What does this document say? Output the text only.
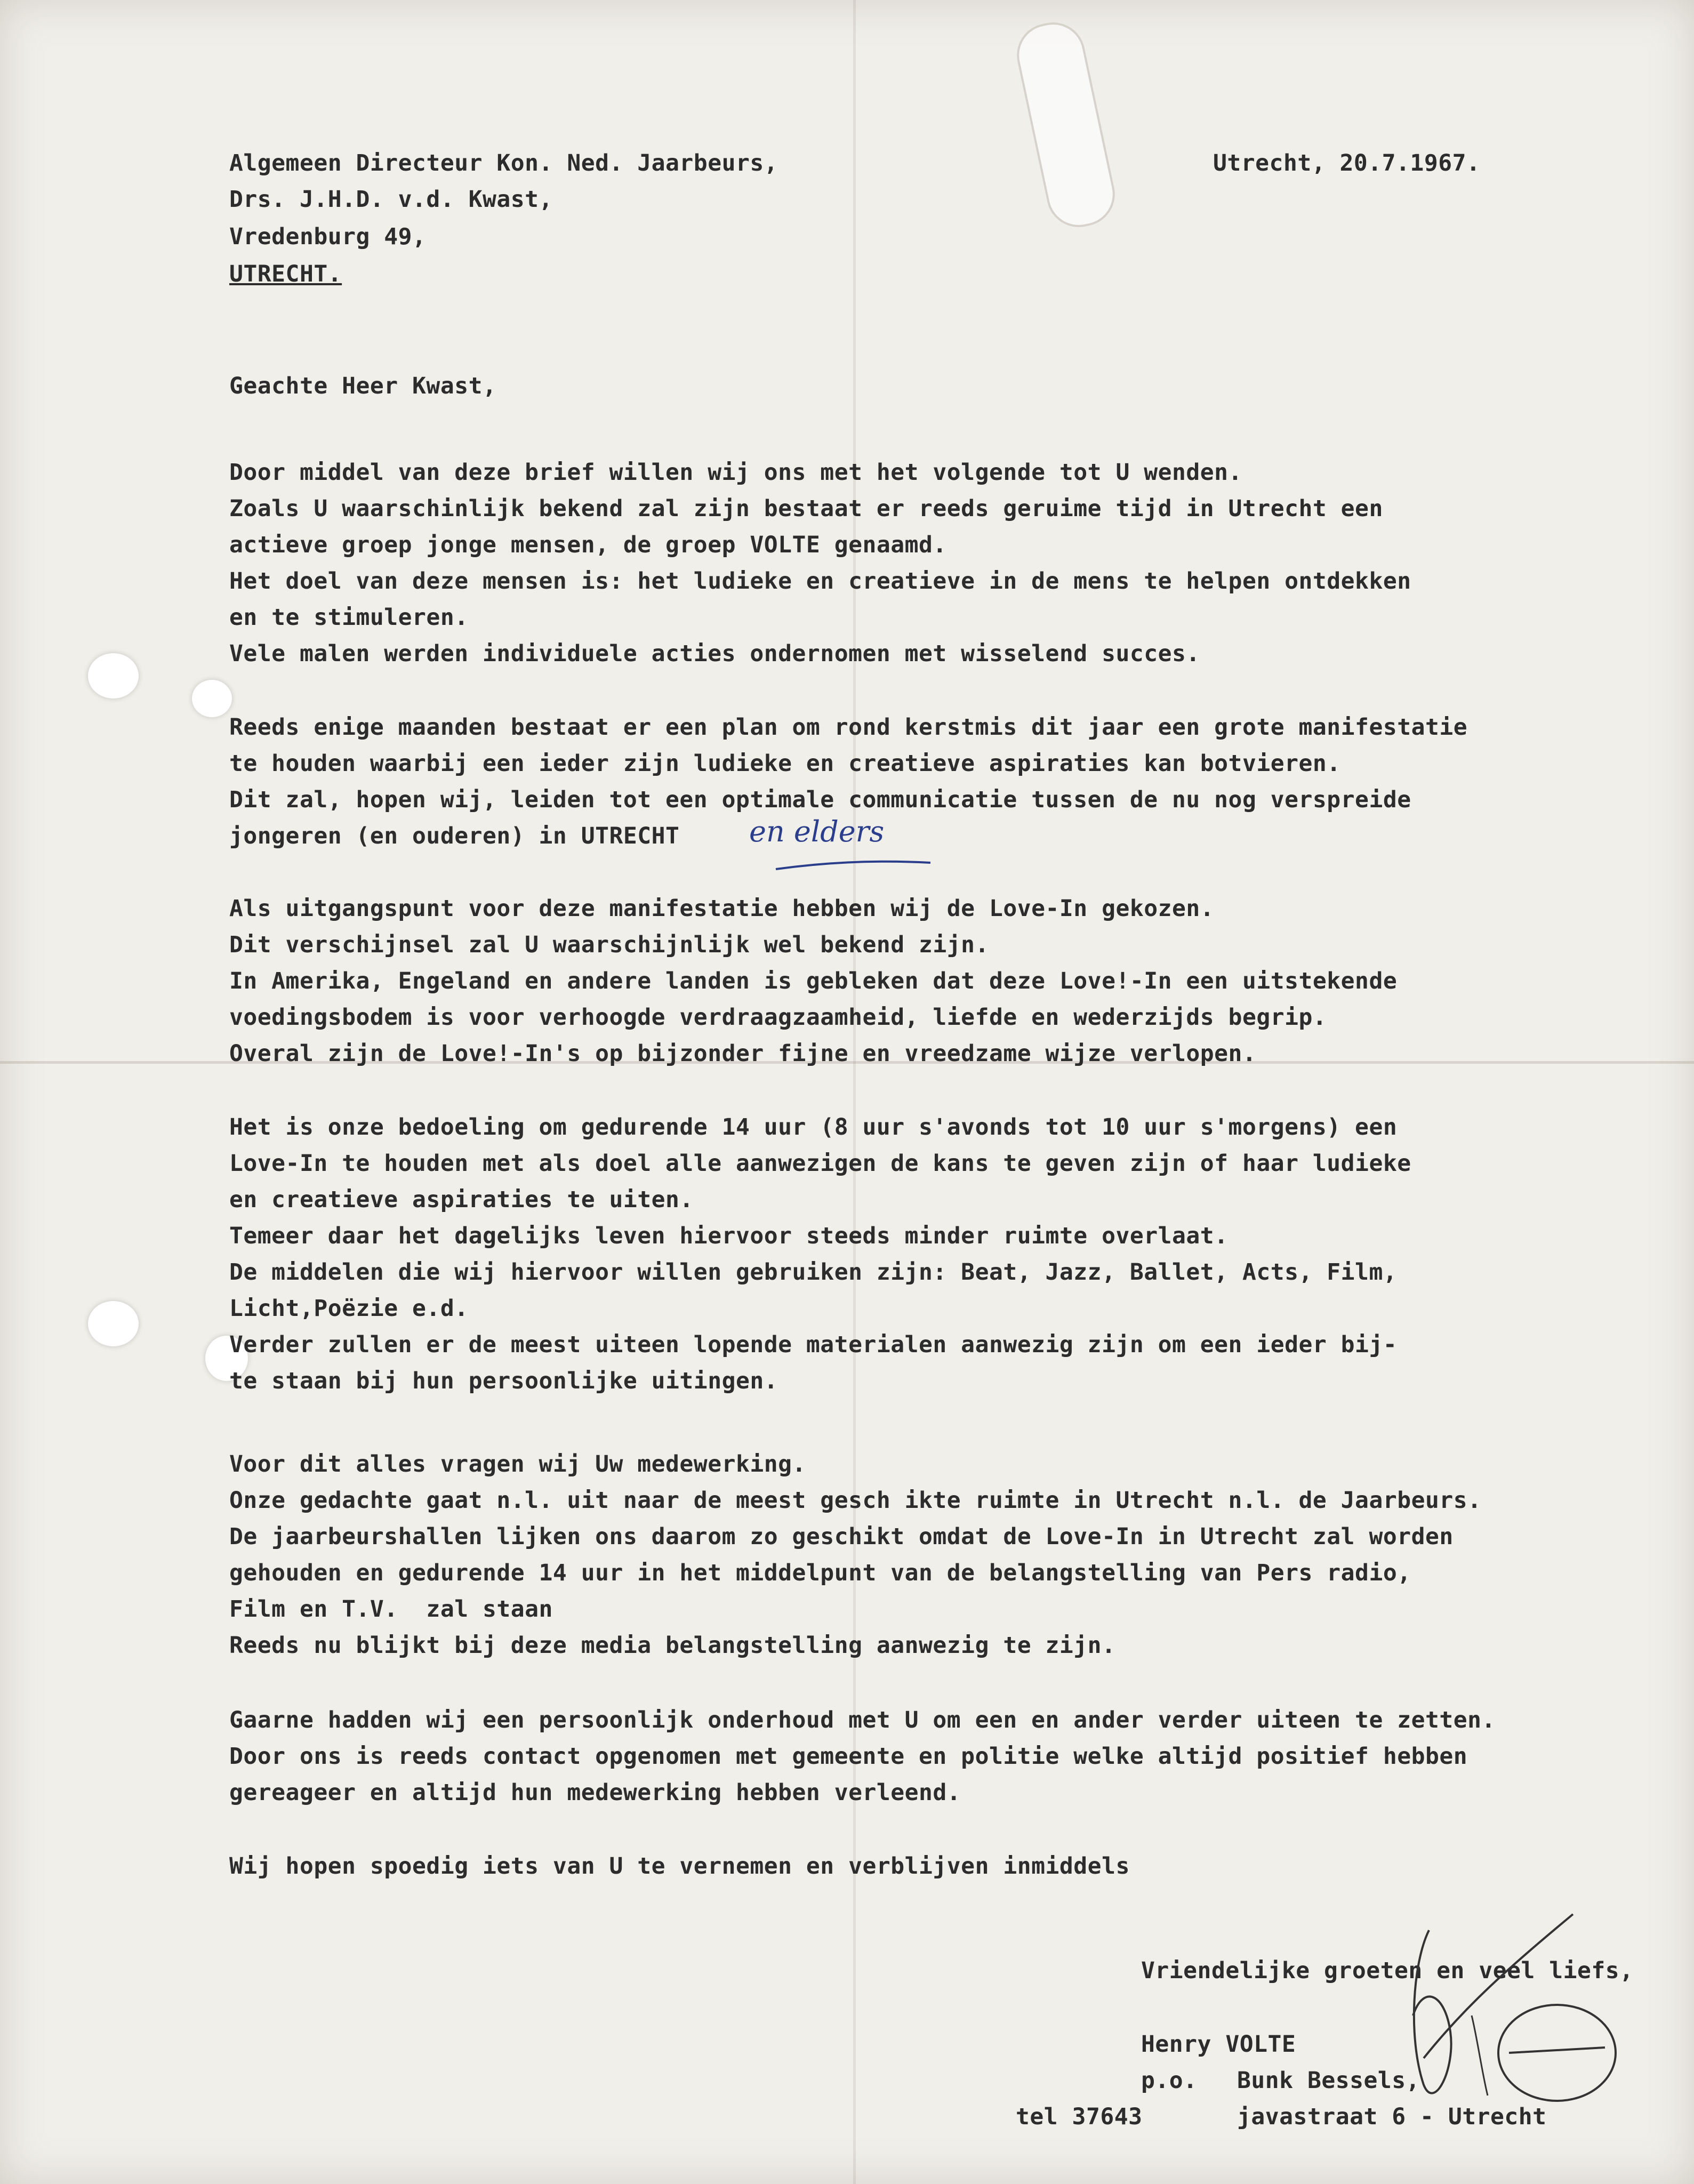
Algemeen Directeur Kon. Ned. Jaarbeurs,

Drs. J.H.D. v.d. Kwast,

Vredenburg 49,

UTRECHT.

Utrecht, 20.7.1967.

Geachte Heer Kwast,

Door middel van deze brief willen wij ons met het volgende tot U wenden.

Zoals U waarschinlijk bekend zal zijn bestaat er reeds geruime tijd in Utrecht een

actieve groep jonge mensen, de groep VOLTE genaamd.

Het doel van deze mensen is: het ludieke en creatieve in de mens te helpen ontdekken

en te stimuleren.

Vele malen werden individuele acties ondernomen met wisselend succes.

Reeds enige maanden bestaat er een plan om rond kerstmis dit jaar een grote manifestatie

te houden waarbij een ieder zijn ludieke en creatieve aspiraties kan botvieren.

Dit zal, hopen wij, leiden tot een optimale communicatie tussen de nu nog verspreide

jongeren (en ouderen) in UTRECHT en elders

Als uitgangspunt voor deze manifestatie hebben wij de Love-In gekozen.

Dit verschijnsel zal U waarschijnlijk wel bekend zijn.

In Amerika, Engeland en andere landen is gebleken dat deze Love!-In een uitstekende

voedingsbodem is voor verhoogde verdraagzaamheid, liefde en wederzijds begrip.

Overal zijn de Love!-In's op bijzonder fijne en vreedzame wijze verlopen.

Het is onze bedoeling om gedurende 14 uur (8 uur s'avonds tot 10 uur s'morgens) een

Love-In te houden met als doel alle aanwezigen de kans te geven zijn of haar ludieke

en creatieve aspiraties te uiten.

Temeer daar het dagelijks leven hiervoor steeds minder ruimte overlaat.

De middelen die wij hiervoor willen gebruiken zijn: Beat, Jazz, Ballet, Acts, Film,

Licht,Poëzie e.d.

Verder zullen er de meest uiteen lopende materialen aanwezig zijn om een ieder bij-

te staan bij hun persoonlijke uitingen.

Voor dit alles vragen wij Uw medewerking.

Onze gedachte gaat n.l. uit naar de meest gesch ikte ruimte in Utrecht n.l. de Jaarbeurs.

De jaarbeurshallen lijken ons daarom zo geschikt omdat de Love-In in Utrecht zal worden

gehouden en gedurende 14 uur in het middelpunt van de belangstelling van Pers radio,

Film en T.V.  zal staan

Reeds nu blijkt bij deze media belangstelling aanwezig te zijn.

Gaarne hadden wij een persoonlijk onderhoud met U om een en ander verder uiteen te zetten.

Door ons is reeds contact opgenomen met gemeente en politie welke altijd positief hebben

gereageer en altijd hun medewerking hebben verleend.

Wij hopen spoedig iets van U te vernemen en verblijven inmiddels

Vriendelijke groeten en veel liefs,

Henry VOLTE

p.o. Bunk Bessels,

tel 37643	javastraat 6 - Utrecht
